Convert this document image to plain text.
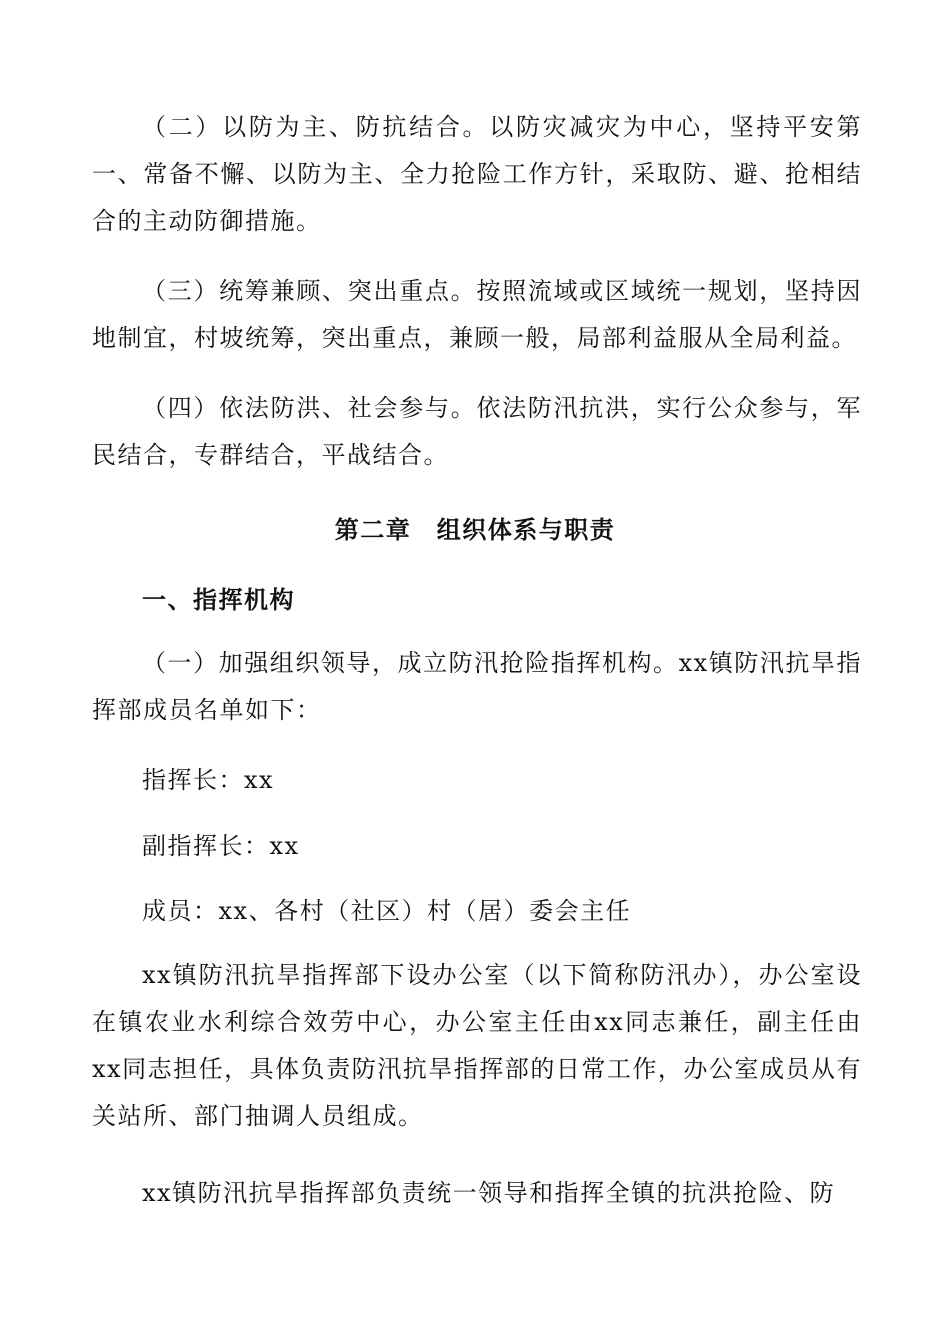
（二）以防为主、防抗结合。以防灾减灾为中心，坚持平安第一、常备不懈、以防为主、全力抢险工作方针，采取防、避、抢相结合的主动防御措施。

（三）统筹兼顾、突出重点。按照流域或区域统一规划，坚持因地制宜，村坡统筹，突出重点，兼顾一般，局部利益服从全局利益。

（四）依法防洪、社会参与。依法防汛抗洪，实行公众参与，军民结合，专群结合，平战结合。

第二章　组织体系与职责
一、指挥机构

（一）加强组织领导，成立防汛抢险指挥机构。xx镇防汛抗旱指挥部成员名单如下：

指挥长：xx

副指挥长：xx

成员：xx、各村（社区）村（居）委会主任

xx镇防汛抗旱指挥部下设办公室（以下简称防汛办），办公室设在镇农业水利综合效劳中心，办公室主任由xx同志兼任，副主任由xx同志担任，具体负责防汛抗旱指挥部的日常工作，办公室成员从有关站所、部门抽调人员组成。

xx镇防汛抗旱指挥部负责统一领导和指挥全镇的抗洪抢险、防
